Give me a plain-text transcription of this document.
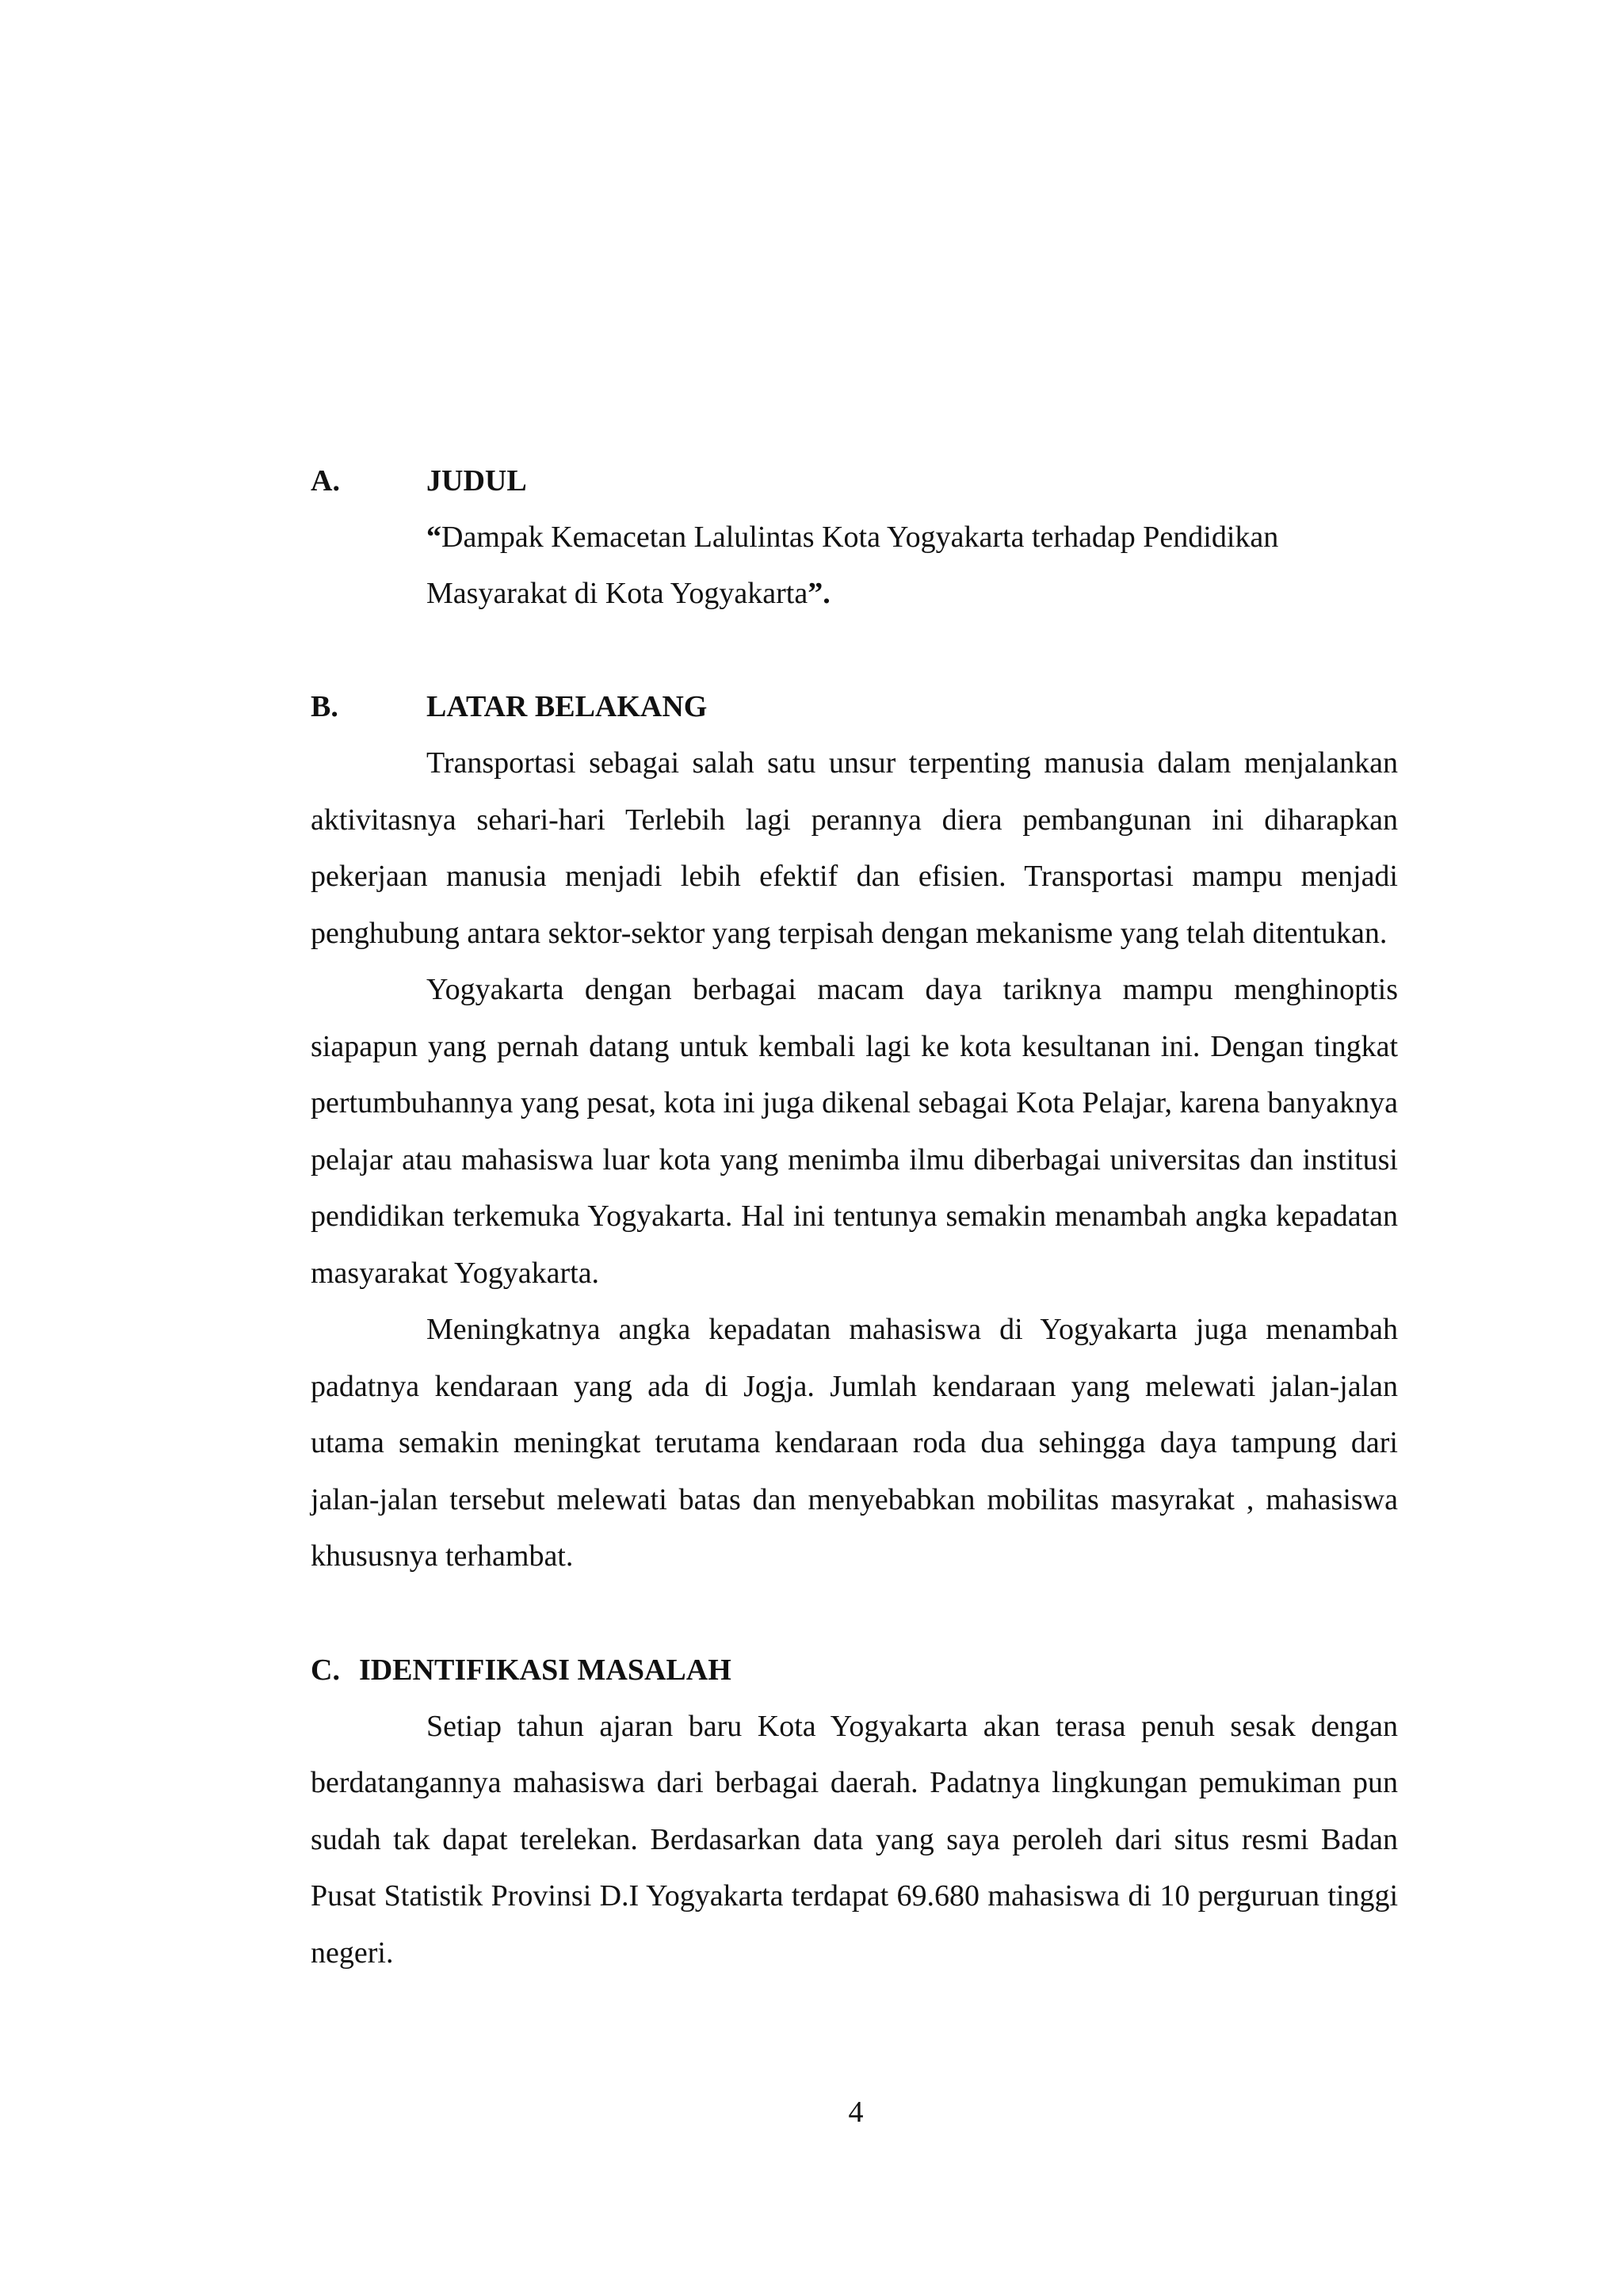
A.	JUDUL
“Dampak Kemacetan Lalulintas Kota Yogyakarta terhadap Pendidikan
Masyarakat di Kota Yogyakarta”.
B.	LATAR BELAKANG

Transportasi sebagai salah satu unsur terpenting manusia dalam menjalankan aktivitasnya sehari-hari Terlebih lagi perannya diera pembangunan ini diharapkan pekerjaan manusia menjadi lebih efektif dan efisien. Transportasi mampu menjadi penghubung antara sektor-sektor yang terpisah dengan mekanisme yang telah ditentukan.

Yogyakarta dengan berbagai macam daya tariknya mampu menghinoptis siapapun yang pernah datang untuk kembali lagi ke kota kesultanan ini. Dengan tingkat pertumbuhannya yang pesat, kota ini juga dikenal sebagai Kota Pelajar, karena banyaknya pelajar atau mahasiswa luar kota yang menimba ilmu diberbagai universitas dan institusi pendidikan terkemuka Yogyakarta. Hal ini tentunya semakin menambah angka kepadatan masyarakat Yogyakarta.

Meningkatnya angka kepadatan mahasiswa di Yogyakarta juga menambah padatnya kendaraan yang ada di Jogja. Jumlah kendaraan yang melewati jalan-jalan utama semakin meningkat terutama kendaraan roda dua sehingga daya tampung dari jalan-jalan tersebut melewati batas dan menyebabkan mobilitas masyrakat , mahasiswa khususnya terhambat.

C. IDENTIFIKASI MASALAH

Setiap tahun ajaran baru Kota Yogyakarta akan terasa penuh sesak dengan berdatangannya mahasiswa dari berbagai daerah. Padatnya lingkungan pemukiman pun sudah tak dapat terelekan. Berdasarkan data yang saya peroleh dari situs resmi Badan Pusat Statistik Provinsi D.I Yogyakarta terdapat 69.680 mahasiswa di 10 perguruan tinggi negeri.

4
